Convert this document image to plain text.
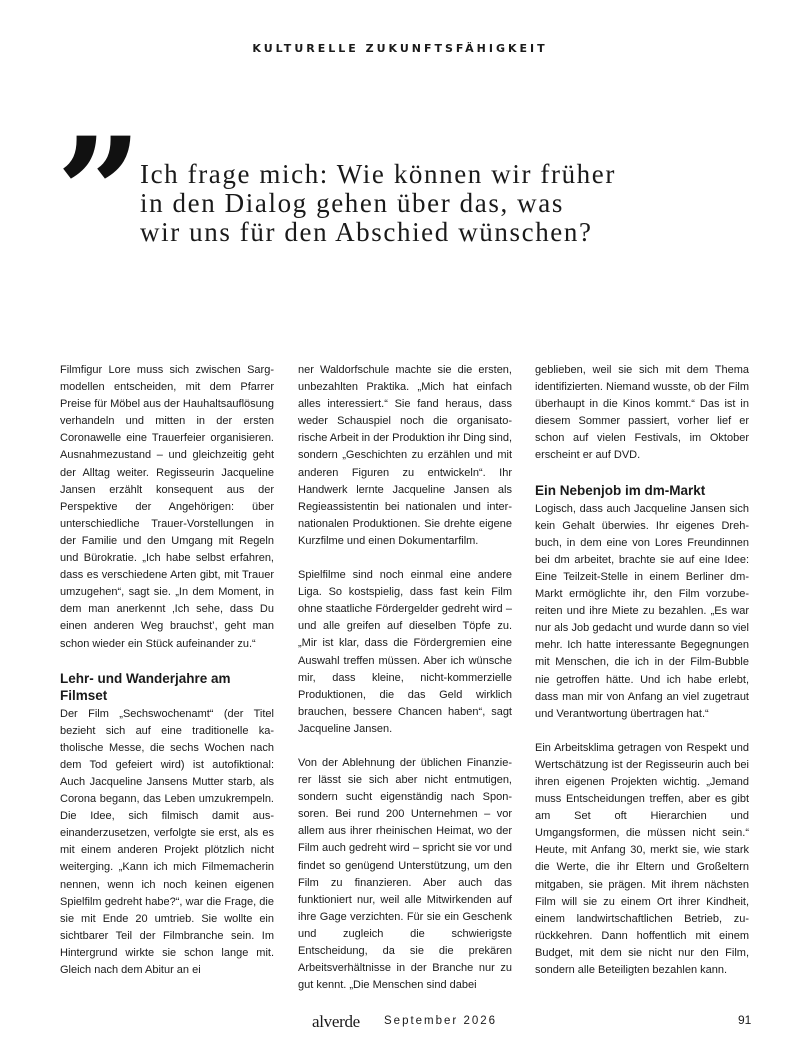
KULTURELLE ZUKUNFTSFÄHIGKEIT
”
Ich frage mich: Wie können wir früher
in den Dialog gehen über das, was
wir uns für den Abschied wünschen?

Filmfigur Lore muss sich zwischen Sargmodellen entscheiden, mit dem Pfarrer Preise für Möbel aus der Hauhaltsauflösung verhandeln und mitten in der ersten Coronawelle eine Trauerfeier organisieren. Ausnahmezustand – und gleichzeitig geht der Alltag weiter. Regisseurin Jacqueline Jansen erzählt konsequent aus der Perspektive der Angehörigen: über unterschiedliche Trauer-Vorstellungen in der Familie und den Umgang mit Regeln und Bürokratie. „Ich habe selbst erfahren, dass es verschiedene Arten gibt, mit Trauer umzugehen“, sagt sie. „In dem Moment, in dem man anerkennt ‚Ich sehe, dass Du einen anderen Weg brauchst’, geht man schon wieder ein Stück aufeinander zu.“

Lehr- und Wanderjahre am Filmset

Der Film „Sechswochenamt“ (der Titel bezieht sich auf eine traditionelle katholische Messe, die sechs Wochen nach dem Tod gefeiert wird) ist autofiktional: Auch Jacqueline Jansens Mutter starb, als Corona begann, das Leben umzukrempeln. Die Idee, sich filmisch damit auseinanderzusetzen, verfolgte sie erst, als es mit einem anderen Projekt plötzlich nicht weiterging. „Kann ich mich Filmemacherin nennen, wenn ich noch keinen eigenen Spielfilm gedreht habe?“, war die Frage, die sie mit Ende 20 umtrieb. Sie wollte ein sichtbarer Teil der Filmbranche sein. Im Hintergrund wirkte sie schon lange mit. Gleich nach dem Abitur an ei

ner Waldorfschule machte sie die ersten, unbezahlten Praktika. „Mich hat einfach alles interessiert.“ Sie fand heraus, dass weder Schauspiel noch die organisatorische Arbeit in der Produktion ihr Ding sind, sondern „Geschichten zu erzählen und mit anderen Figuren zu entwickeln“. Ihr Handwerk lernte Jacqueline Jansen als Regieassistentin bei nationalen und internationalen Produktionen. Sie drehte eigene Kurzfilme und einen Dokumentarfilm.

Spielfilme sind noch einmal eine andere Liga. So kostspielig, dass fast kein Film ohne staatliche Fördergelder gedreht wird – und alle greifen auf dieselben Töpfe zu. „Mir ist klar, dass die Fördergremien eine Auswahl treffen müssen. Aber ich wünsche mir, dass kleine, nicht-kommerzielle Produktionen, die das Geld wirklich brauchen, bessere Chancen haben“, sagt Jacqueline Jansen.

Von der Ablehnung der üblichen Finanzierer lässt sie sich aber nicht entmutigen, sondern sucht eigenständig nach Sponsoren. Bei rund 200 Unternehmen – vor allem aus ihrer rheinischen Heimat, wo der Film auch gedreht wird – spricht sie vor und findet so genügend Unterstützung, um den Film zu finanzieren. Aber auch das funktioniert nur, weil alle Mitwirkenden auf ihre Gage verzichten. Für sie ein Geschenk und zugleich die schwierigste Entscheidung, da sie die prekären Arbeitsverhältnisse in der Branche nur zu gut kennt. „Die Menschen sind dabei

geblieben, weil sie sich mit dem Thema identifizierten. Niemand wusste, ob der Film überhaupt in die Kinos kommt.“ Das ist in diesem Sommer passiert, vorher lief er schon auf vielen Festivals, im Oktober erscheint er auf DVD.

Ein Nebenjob im dm-Markt

Logisch, dass auch Jacqueline Jansen sich kein Gehalt überwies. Ihr eigenes Drehbuch, in dem eine von Lores Freundinnen bei dm arbeitet, brachte sie auf eine Idee: Eine Teilzeit-Stelle in einem Berliner dm-Markt ermöglichte ihr, den Film vorzubereiten und ihre Miete zu bezahlen. „Es war nur als Job gedacht und wurde dann so viel mehr. Ich hatte interessante Begegnungen mit Menschen, die ich in der Film-Bubble nie getroffen hätte. Und ich habe erlebt, dass man mir von Anfang an viel zugetraut und Verantwortung übertragen hat.“

Ein Arbeitsklima getragen von Respekt und Wertschätzung ist der Regisseurin auch bei ihren eigenen Projekten wichtig. „Jemand muss Entscheidungen treffen, aber es gibt am Set oft Hierarchien und Umgangsformen, die müssen nicht sein.“ Heute, mit Anfang 30, merkt sie, wie stark die Werte, die ihr Eltern und Großeltern mitgaben, sie prägen. Mit ihrem nächsten Film will sie zu einem Ort ihrer Kindheit, einem landwirtschaftlichen Betrieb, zurückkehren. Dann hoffentlich mit einem Budget, mit dem sie nicht nur den Film, sondern alle Beteiligten bezahlen kann.

alverde September 2026	91
